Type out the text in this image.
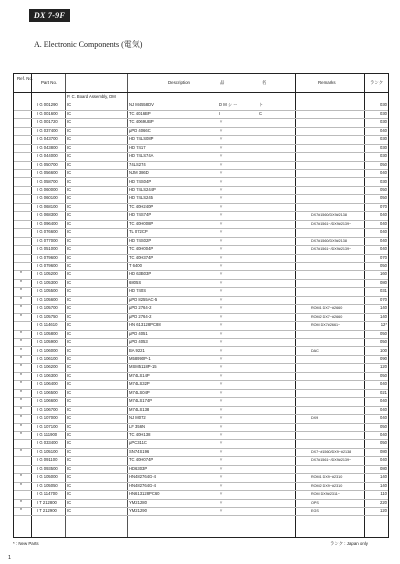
DX 7-9F
A. Electronic Components (電気)
Ref. No.
Part No.	Description	品	名	Remarks	ランク
P. C. Board Assembly, DM
I G 001290 IC	NJ M4558DV	D M シ ー	ト	030
I G 001600 IC	TC 4016BP	I	C	030
I G 001720 IC	TC 4069UBP	〃	030
I G 037400 IC	μPD 4066C	〃	040
I G 043700 IC	HD 74LS08P	〃	030
I G 043800 IC	HD 7417	〃	030
I G 044000 IC	HD 74LS74A	〃	030
I G 050700 IC	74LS274	〃	050
I G 056600 IC	NJM 386D	〃	040
I G 058700 IC	HD 74S04P	〃	030
I G 060000 IC	HD 74LS244P	〃	050
I G 060100 IC	HD 74LS245	〃	050
I G 068100 IC	TC 40H240P	〃	070
I G 068300 IC	HD 74S74P	〃	DX7#1560/DX9#2138	040
I G 096400 IC	TC 40H008P	〃	DX7#1561~/DX9#2139~	040
I G 076600 IC	TL 072CP	〃	040
I G 077000 IC	HD 74S02P	〃	DX7#1560/DX9#2138	040
I G 051000 IC	TC 40H004P	〃	DX7#1561~/DX9#2139~	040
I G 079600 IC	TC 40H374P	〃	070
I G 079600 IC	T 6400	〃	050
*	I G 105200 IC	HD 63B03P	〃	160
*	I G 105300 IC	6805S	〃	080
*	I G 105500 IC	HD 740S	〃	031
*	I G 105600 IC	μPD 8255AC-5	〃	070
*	I G 105700 IC	μPD 2764-2	〃	ROM1 DX7~#2660	140
*	I G 105750 IC	μPD 2764-2	〃	ROM2 DX7~#2660	140
I G 114610 IC	HN 613128PC88	〃	ROM DX7#2661~	12*
*	I G 105800 IC	μPD 4051	〃	050
*	I G 105900 IC	μPD 4053	〃	050
*	I G 106000 IC	BA 9221	〃	DAC	100
*	I G 106100 IC	M58990P-1	〃	090
*	I G 106200 IC	MSM5118P-15	〃	120
*	I G 106300 IC	M74LS14P	〃	050
*	I G 106400 IC	M74LS32P	〃	040
*	I G 106500 IC	M74LS04P	〃	021
*	I G 106600 IC	M74LS174P	〃	040
*	I G 106700 IC	M74LS138	〃	040
*	I G 107000 IC	NJ M072	〃	DX9	040
*	I G 107100 IC	LF 356N	〃	050
*	I G 111900 IC	TC 40H138	〃	040
I G 033400 IC	μPC311C	〃	050
*	I G 105100 IC	SN74S196	〃	DX7~#1560/DX9~#2138	080
I G 091100 IC	TC 40H074P	〃	DX7#1561~/DX9#2139~	040
I G 093500 IC	HD6303P	〃	080
*	I G 105000 IC	HN482764G-4	〃	ROM1 DX9~#2310	140
*	I G 105050 IC	HN482764G-4	〃	ROM2 DX9~#2310	140
I G 114700 IC	HN613128PC60	〃	ROM DX9#2311~	110
*	I T 212800 IC	YM21280	〃	OPS	220
*	I T 212900 IC	YM21290	〃	EGS	120
* : New Parts	ランク : Japan only
1
